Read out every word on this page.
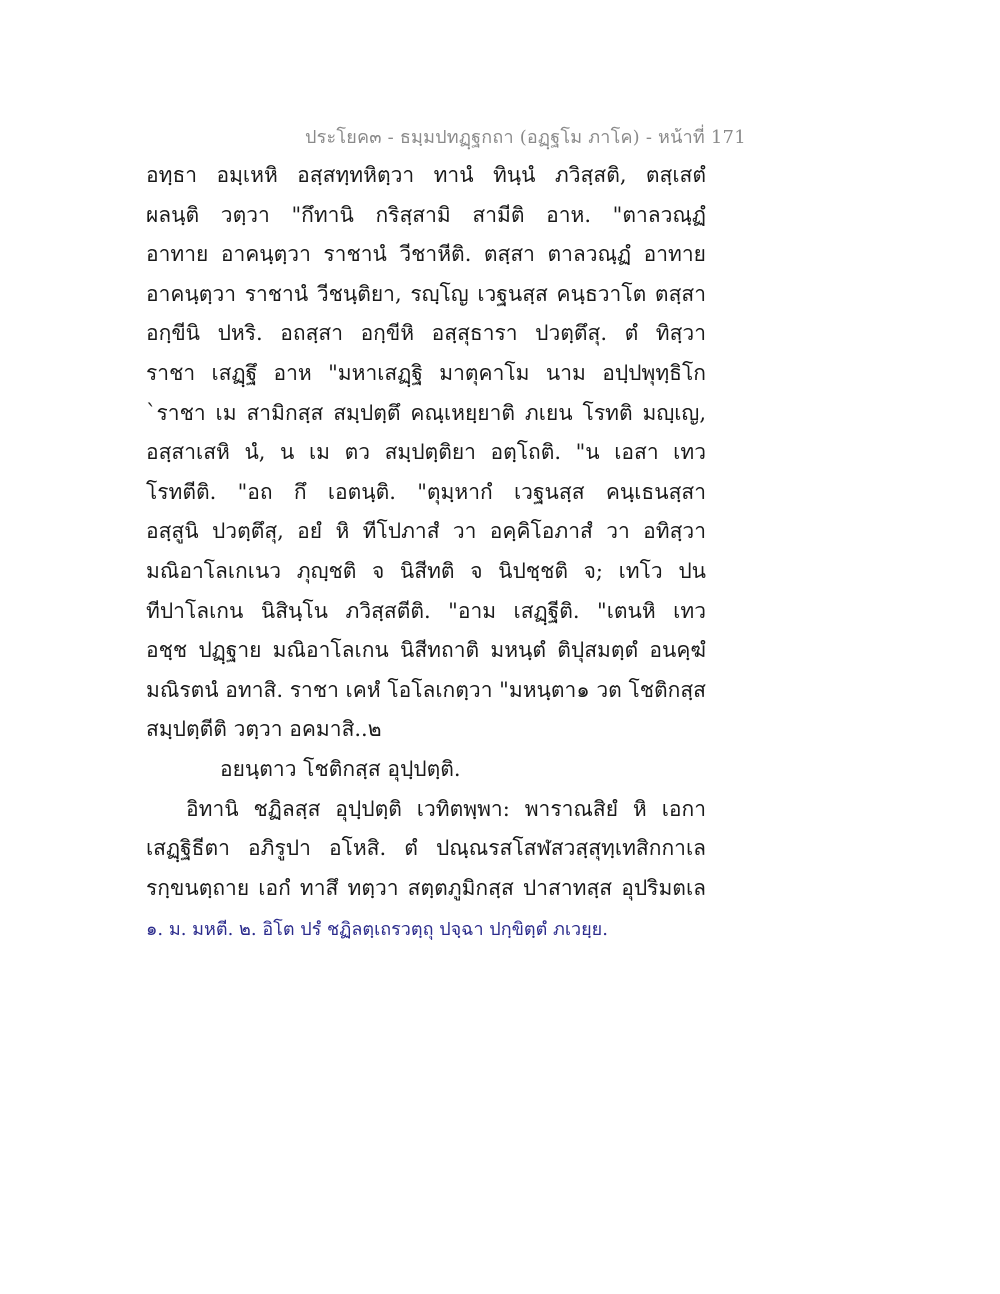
ประโยค๓ - ธมฺมปทฏฺฐกถา (อฏฺฐโม ภาโค) - หน้าที่ 171
อทฺธา อมฺเหหิ อสฺสทฺทหิตฺวา ทานํ ทินฺนํ ภวิสฺสติ, ตสฺเสตํ
ผลนฺติ วตฺวา "กึทานิ กริสฺสามิ สามีติ อาห. "ตาลวณฺฏํ
อาทาย อาคนฺตฺวา ราชานํ วีชาหีติ. ตสฺสา ตาลวณฺฏํ อาทาย
อาคนฺตฺวา ราชานํ วีชนฺติยา, รญฺโญ เวฐนสฺส คนฺธวาโต ตสฺสา
อกฺขีนิ ปหริ. อถสฺสา อกฺขีหิ อสฺสุธารา ปวตฺตึสุ. ตํ ทิสฺวา
ราชา เสฏฺฐึ อาห "มหาเสฏฺฐิ มาตุคาโม นาม อปฺปพุทฺธิโก
`ราชา เม สามิกสฺส สมฺปตฺตึ คณฺเหยฺยาติ ภเยน โรทติ มญฺเญ,
อสฺสาเสหิ นํ, น เม ตว สมฺปตฺติยา อตฺโถติ. "น เอสา เทว
โรทตีติ. "อถ กึ เอตนฺติ. "ตุมฺหากํ เวฐนสฺส คนฺเธนสฺสา
อสฺสูนิ ปวตฺตึสุ, อยํ หิ ทีโปภาสํ วา อคฺคิโอภาสํ วา อทิสฺวา
มณิอาโลเกเนว ภุญฺชติ จ นิสีทติ จ นิปชฺชติ จ; เทโว ปน
ทีปาโลเกน นิสินฺโน ภวิสฺสตีติ. "อาม เสฏฺฐีติ. "เตนหิ เทว
อชฺช ปฏฺฐาย มณิอาโลเกน นิสีทถาติ มหนฺตํ ติปุสมตฺตํ อนคฺฆํ
มณิรตนํ อทาสิ. ราชา เคหํ โอโลเกตฺวา "มหนฺตา๑ วต โชติกสฺส
สมฺปตฺตีติ วตฺวา อคมาสิ..๒
อยนฺตาว โชติกสฺส อุปฺปตฺติ.
อิทานิ ชฏิลสฺส อุปฺปตฺติ เวทิตพฺพา: พาราณสิยํ หิ เอกา
เสฏฺฐิธีตา อภิรูปา อโหสิ. ตํ ปณฺณรสโสฬสวสฺสุทฺเทสิกกาเล
รกฺขนตฺถาย เอกํ ทาสึ ทตฺวา สตฺตภูมิกสฺส ปาสาทสฺส อุปริมตเล
๑. ม. มหตี. ๒. อิโต ปรํ ชฏิลตฺเถรวตฺถุ ปจฺฉา ปกฺขิตฺตํ ภเวยฺย.
